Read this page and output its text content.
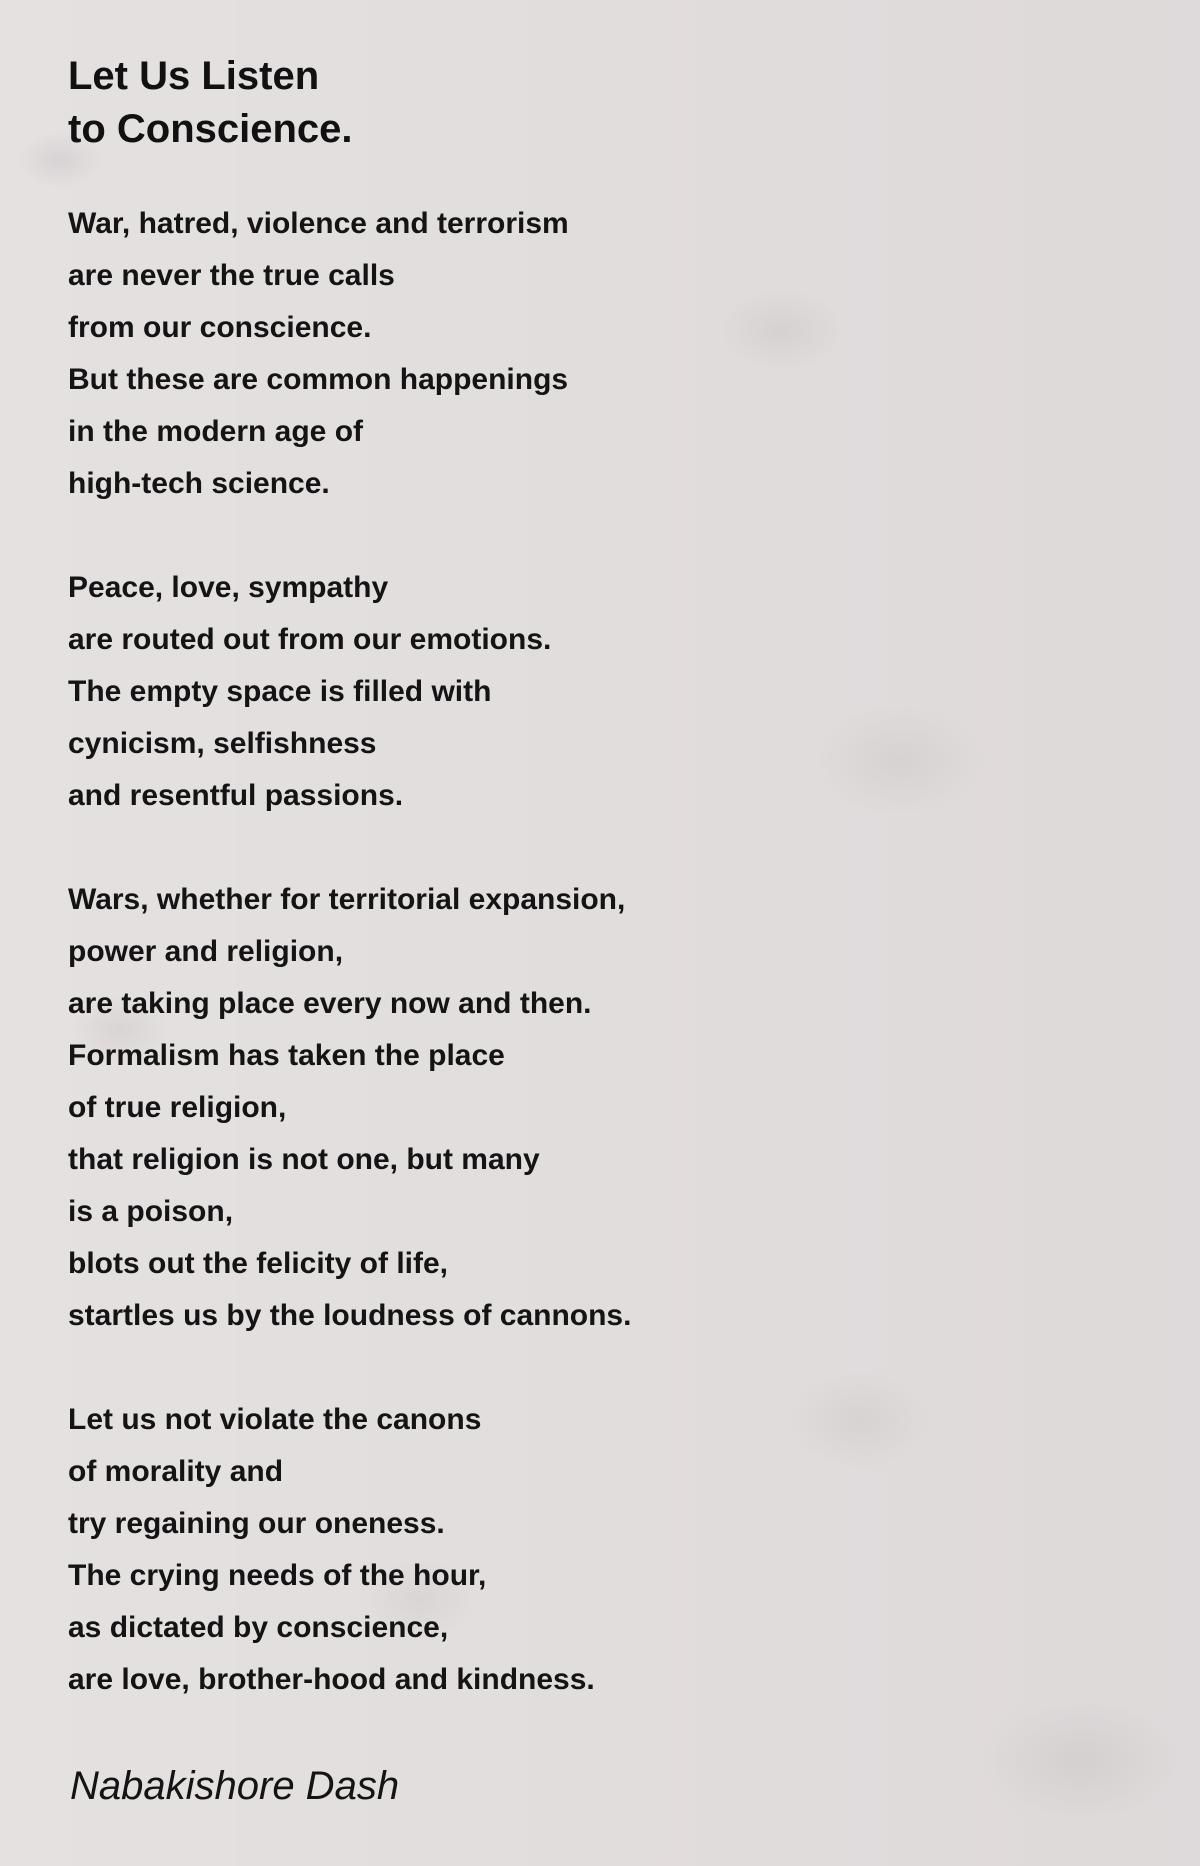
Let Us Listen
to Conscience.
War, hatred, violence and terrorism
are never the true calls
from our conscience.
But these are common happenings
in the modern age of
high-tech science.
Peace, love, sympathy
are routed out from our emotions.
The empty space is filled with
cynicism, selfishness
and resentful passions.
Wars, whether for territorial expansion,
power and religion,
are taking place every now and then.
Formalism has taken the place
of true religion,
that religion is not one, but many
is a poison,
blots out the felicity of life,
startles us by the loudness of cannons.
Let us not violate the canons
of morality and
try regaining our oneness.
The crying needs of the hour,
as dictated by conscience,
are love, brother-hood and kindness.
Nabakishore Dash
